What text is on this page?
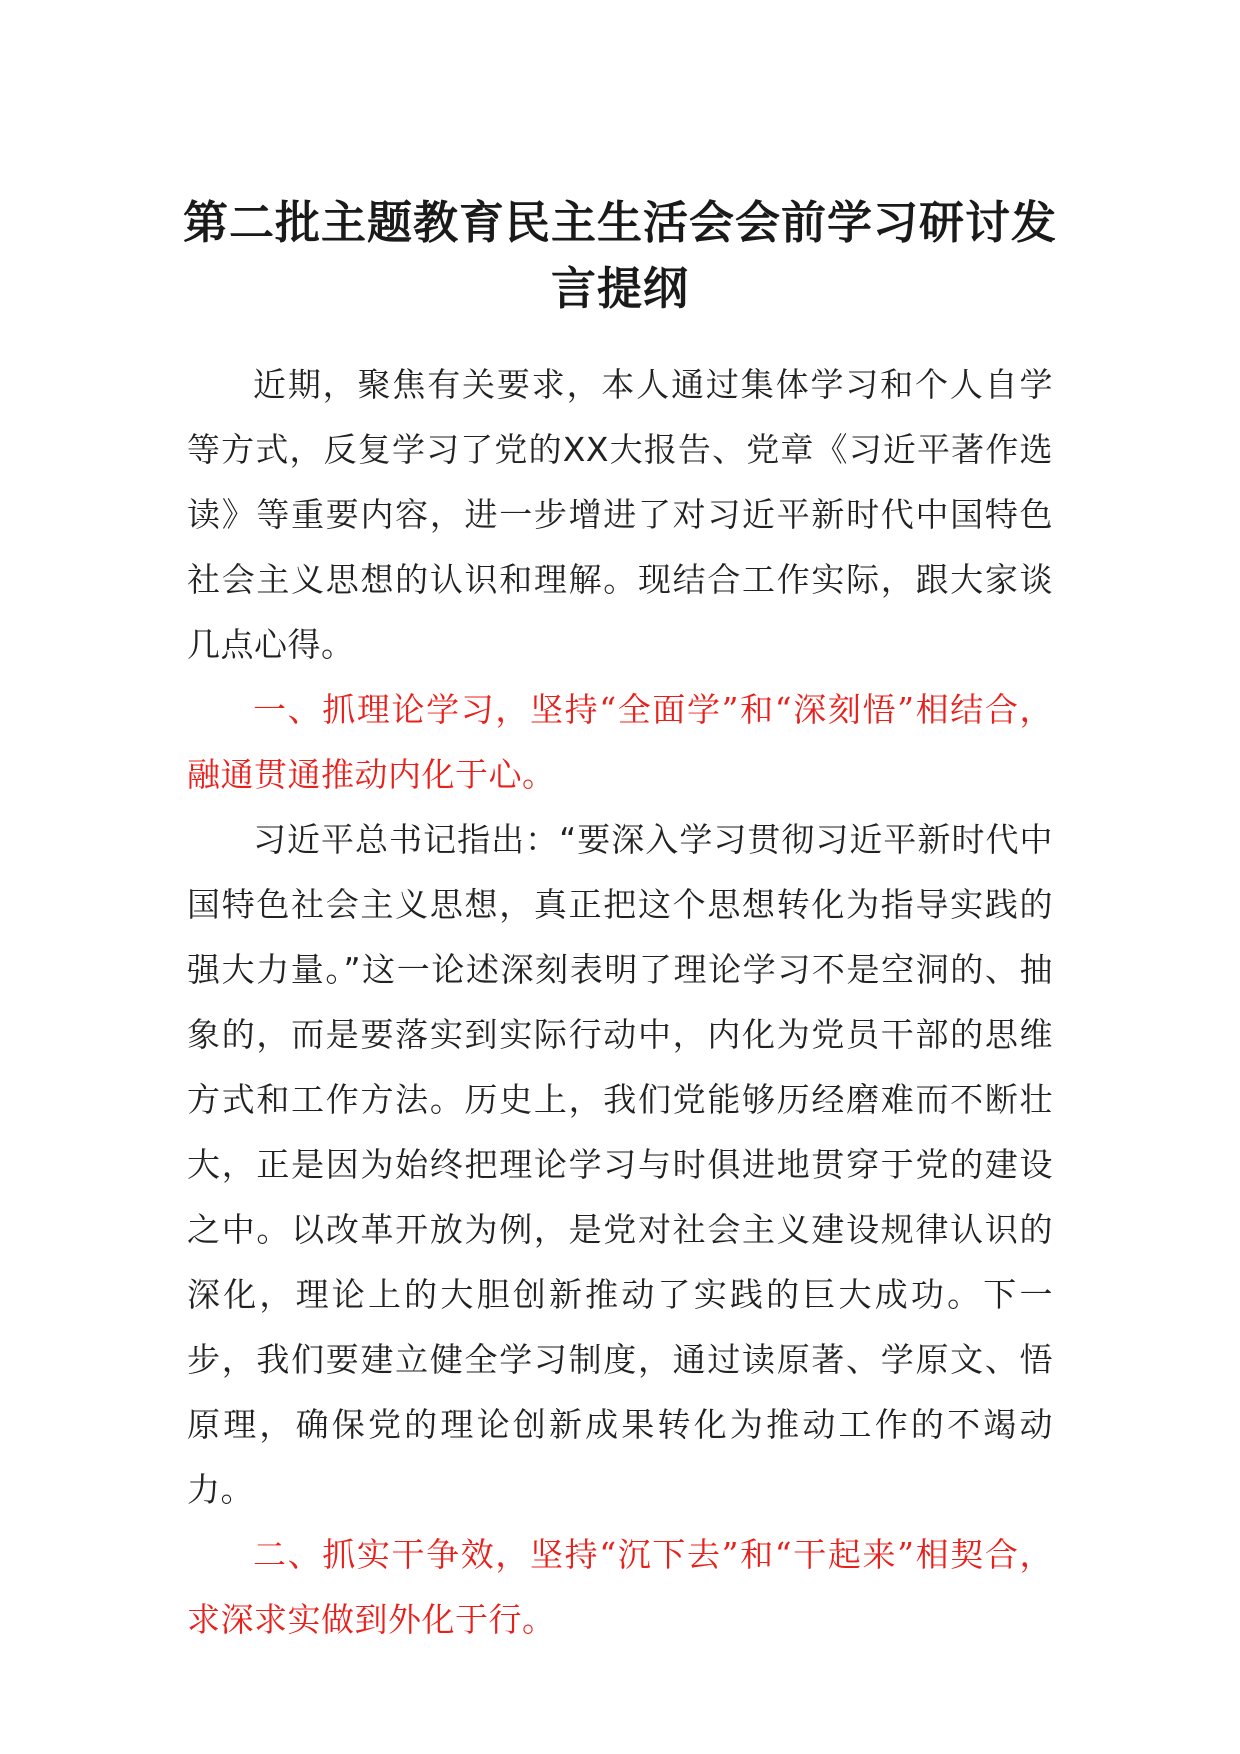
第二批主题教育民主生活会会前学习研讨发言提纲

近期，聚焦有关要求，本人通过集体学习和个人自学等方式，反复学习了党的XX大报告、党章《习近平著作选读》等重要内容，进一步增进了对习近平新时代中国特色社会主义思想的认识和理解。现结合工作实际，跟大家谈几点心得。

一、抓理论学习，坚持“全面学”和“深刻悟”相结合，融通贯通推动内化于心。

习近平总书记指出：“要深入学习贯彻习近平新时代中国特色社会主义思想，真正把这个思想转化为指导实践的强大力量。”这一论述深刻表明了理论学习不是空洞的、抽象的，而是要落实到实际行动中，内化为党员干部的思维方式和工作方法。历史上，我们党能够历经磨难而不断壮大，正是因为始终把理论学习与时俱进地贯穿于党的建设之中。以改革开放为例，是党对社会主义建设规律认识的深化，理论上的大胆创新推动了实践的巨大成功。下一步，我们要建立健全学习制度，通过读原著、学原文、悟原理，确保党的理论创新成果转化为推动工作的不竭动力。

二、抓实干争效，坚持“沉下去”和“干起来”相契合，求深求实做到外化于行。
